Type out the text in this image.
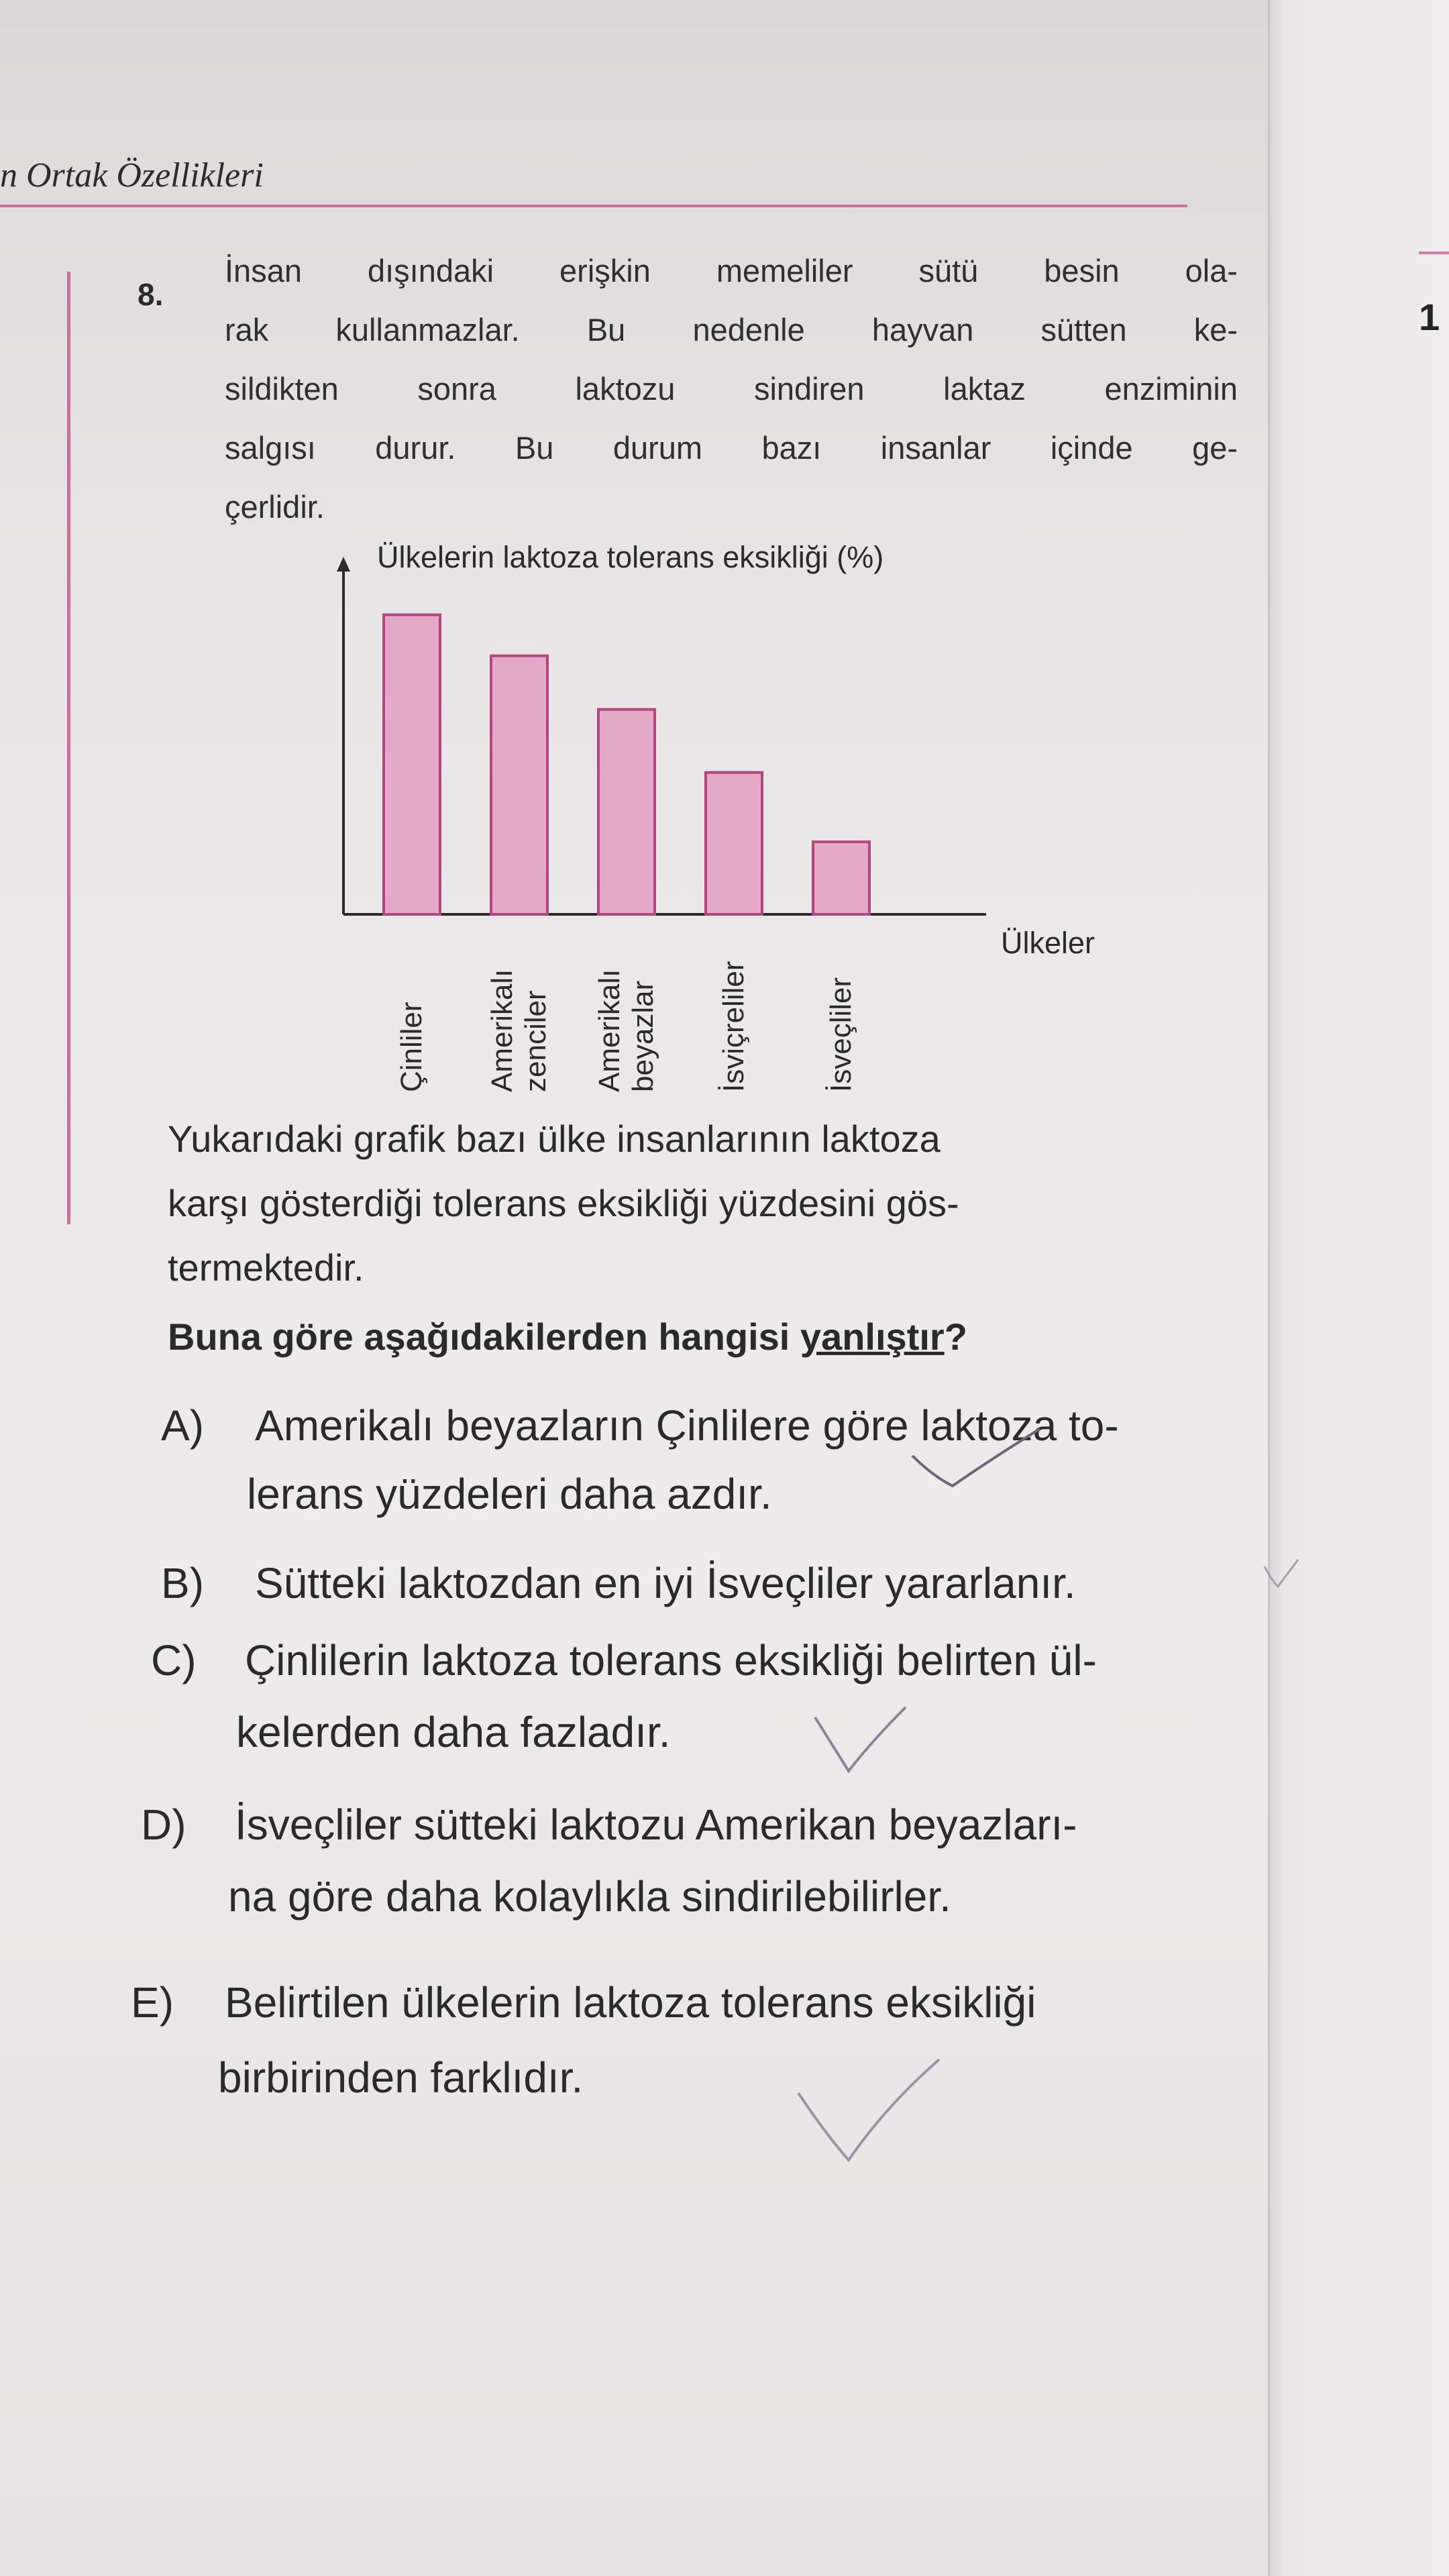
1
n Ortak Özellikleri
8.

İnsan dışındaki erişkin memeliler sütü besin ola-
rak kullanmazlar. Bu nedenle hayvan sütten ke-
sildikten sonra laktozu sindiren laktaz enziminin
salgısı durur. Bu durum bazı insanlar içinde ge-
çerlidir.

Ülkelerin laktoza tolerans eksikliği (%)
Ülkeler
Çinliler Amerikalı zenciler Amerikalı beyazlar İsviçreliler	İsveçliler

Yukarıdaki grafik bazı ülke insanlarının laktoza
karşı gösterdiği tolerans eksikliği yüzdesini gös-
termektedir.

Buna göre aşağıdakilerden hangisi yanlıştır?
A) Amerikalı beyazların Çinlilere göre laktoza to-
lerans yüzdeleri daha azdır.
B) Sütteki laktozdan en iyi İsveçliler yararlanır.
C) Çinlilerin laktoza tolerans eksikliği belirten ül-
kelerden daha fazladır.
D) İsveçliler sütteki laktozu Amerikan beyazları-
na göre daha kolaylıkla sindirilebilirler.
E) Belirtilen ülkelerin laktoza tolerans eksikliği
birbirinden farklıdır.
